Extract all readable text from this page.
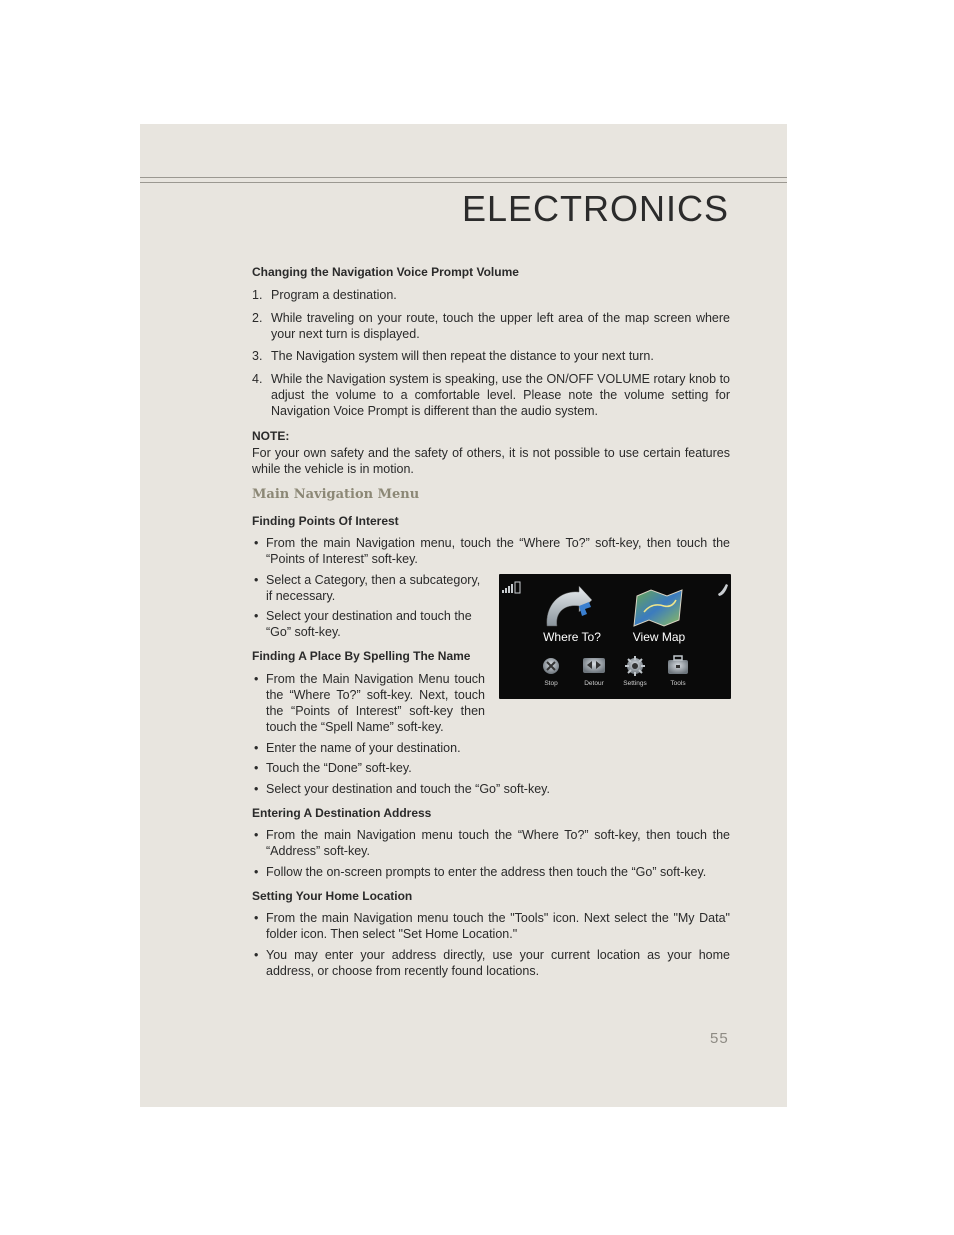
ELECTRONICS

Changing the Navigation Voice Prompt Volume

1. Program a destination.
2. While traveling on your route, touch the upper left area of the map screen where your next turn is displayed.
3. The Navigation system will then repeat the distance to your next turn.
4. While the Navigation system is speaking, use the ON/OFF VOLUME rotary knob to adjust the volume to a comfortable level. Please note the volume setting for Navigation Voice Prompt is different than the audio system.

NOTE:

For your own safety and the safety of others, it is not possible to use certain features while the vehicle is in motion.

Main Navigation Menu

Finding Points Of Interest

• From the main Navigation menu, touch the “Where To?” soft-key, then touch the “Points of Interest” soft-key.
• Select a Category, then a subcategory, if necessary.
• Select your destination and touch the “Go” soft-key.

Finding A Place By Spelling The Name

• From the Main Navigation Menu touch the “Where To?” soft-key. Next, touch the “Points of Interest” soft-key then touch the “Spell Name” soft-key.
• Enter the name of your destination.
• Touch the “Done” soft-key.
• Select your destination and touch the “Go” soft-key.

Entering A Destination Address

• From the main Navigation menu touch the “Where To?” soft-key, then touch the “Address” soft-key.
• Follow the on-screen prompts to enter the address then touch the “Go” soft-key.

Setting Your Home Location

• From the main Navigation menu touch the "Tools" icon. Next select the "My Data" folder icon. Then select "Set Home Location."
• You may enter your address directly, use your current location as your home address, or choose from recently found locations.
Where To?	View Map
Stop	Detour	Settings	Tools
55
